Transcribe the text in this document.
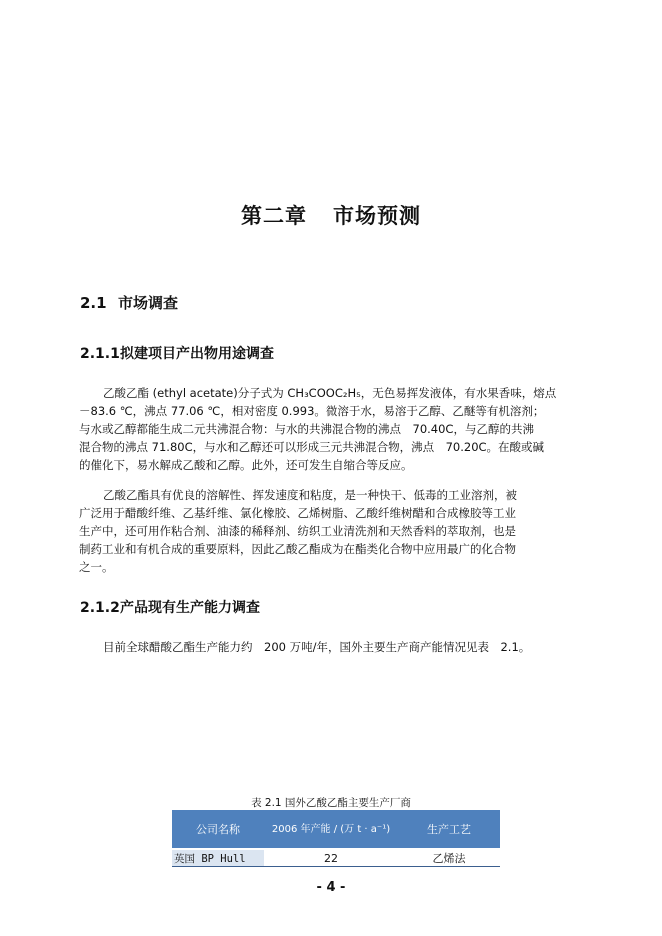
第二章 市场预测
2.1 市场调查
2.1.1拟建项目产出物用途调查
乙酸乙酯 (ethyl acetate)分子式为 CH₃COOC₂H₅，无色易挥发液体，有水果香味，熔点
－83.6 ℃，沸点 77.06 ℃，相对密度 0.993。微溶于水，易溶于乙醇、乙醚等有机溶剂；
与水或乙醇都能生成二元共沸混合物：与水的共沸混合物的沸点　70.40C，与乙醇的共沸
混合物的沸点 71.80C，与水和乙醇还可以形成三元共沸混合物，沸点　70.20C。在酸或碱
的催化下，易水解成乙酸和乙醇。此外，还可发生自缩合等反应。
乙酸乙酯具有优良的溶解性、挥发速度和粘度，是一种快干、低毒的工业溶剂，被
广泛用于醋酸纤维、乙基纤维、氯化橡胶、乙烯树脂、乙酸纤维树醋和合成橡胶等工业
生产中，还可用作粘合剂、油漆的稀释剂、纺织工业清洗剂和天然香料的萃取剂，也是
制药工业和有机合成的重要原料，因此乙酸乙酯成为在酯类化合物中应用最广的化合物
之一。
2.1.2产品现有生产能力调查
目前全球醋酸乙酯生产能力约　200 万吨/年，国外主要生产商产能情况见表　2.1。
表 2.1 国外乙酸乙酯主要生产厂商
公司名称	2006 年产能 / (万 t · a⁻¹)	生产工艺
英国 BP Hull	22	乙烯法
- 4 -
